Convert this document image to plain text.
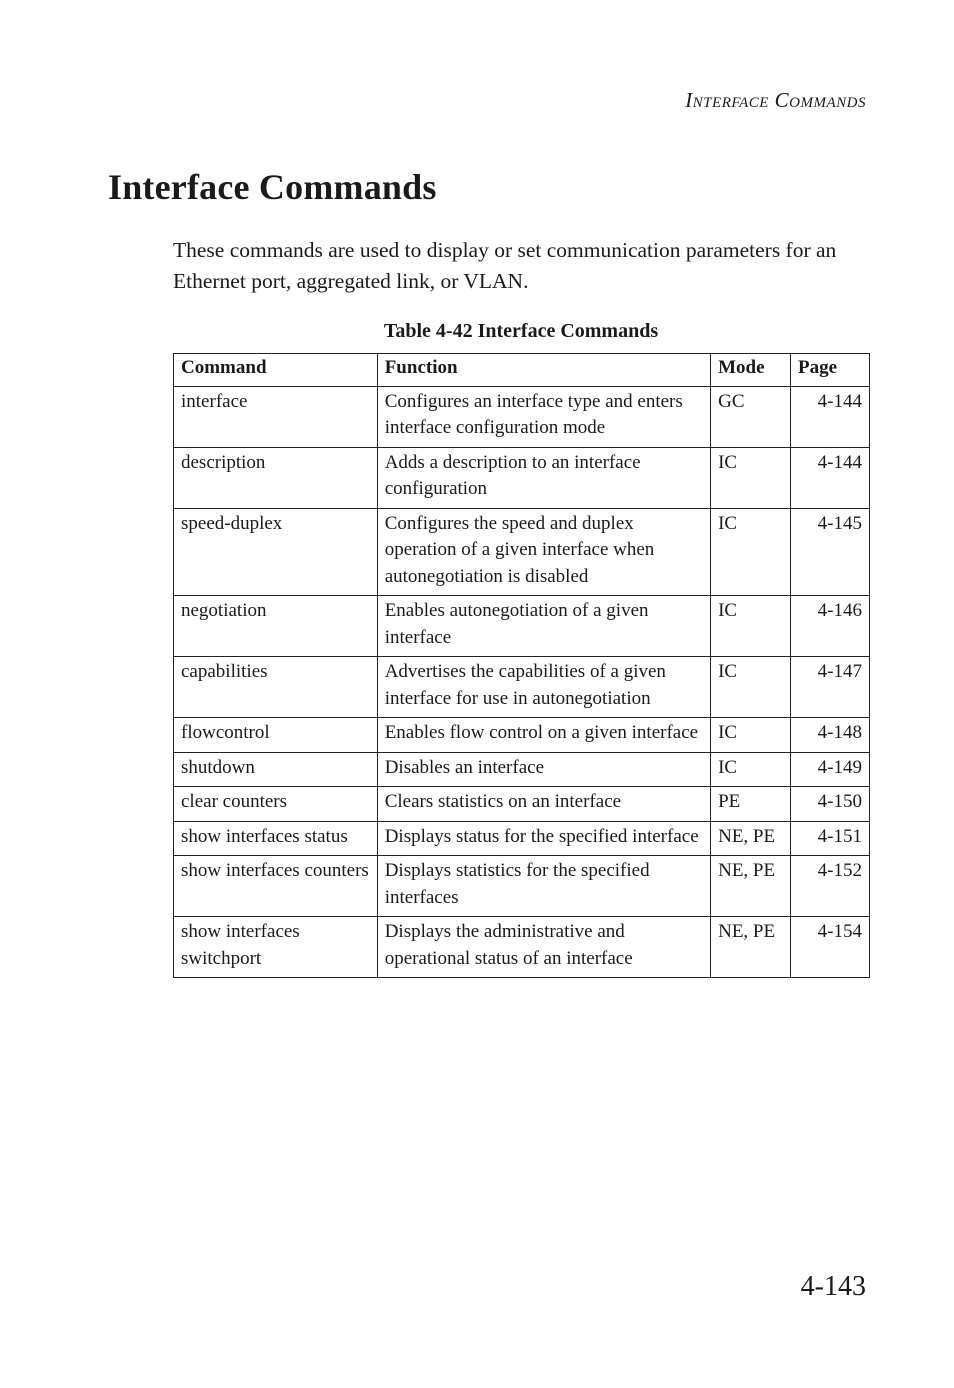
Interface Commands
Interface Commands

These commands are used to display or set communication parameters for an Ethernet port, aggregated link, or VLAN.

Table 4-42 Interface Commands
Command	Function	Mode	Page
interface	Configures an interface type and enters interface configuration mode	GC	4-144
description	Adds a description to an interface configuration	IC	4-144
speed-duplex	Configures the speed and duplex operation of a given interface when autonegotiation is disabled	IC	4-145
negotiation	Enables autonegotiation of a given interface	IC	4-146
capabilities	Advertises the capabilities of a given interface for use in autonegotiation	IC	4-147
flowcontrol	Enables flow control on a given interface	IC	4-148
shutdown	Disables an interface	IC	4-149
clear counters	Clears statistics on an interface	PE	4-150
show interfaces status	Displays status for the specified interface	NE, PE	4-151
show interfaces counters	Displays statistics for the specified interfaces	NE, PE	4-152
show interfaces switchport	Displays the administrative and operational status of an interface	NE, PE	4-154
4-143
